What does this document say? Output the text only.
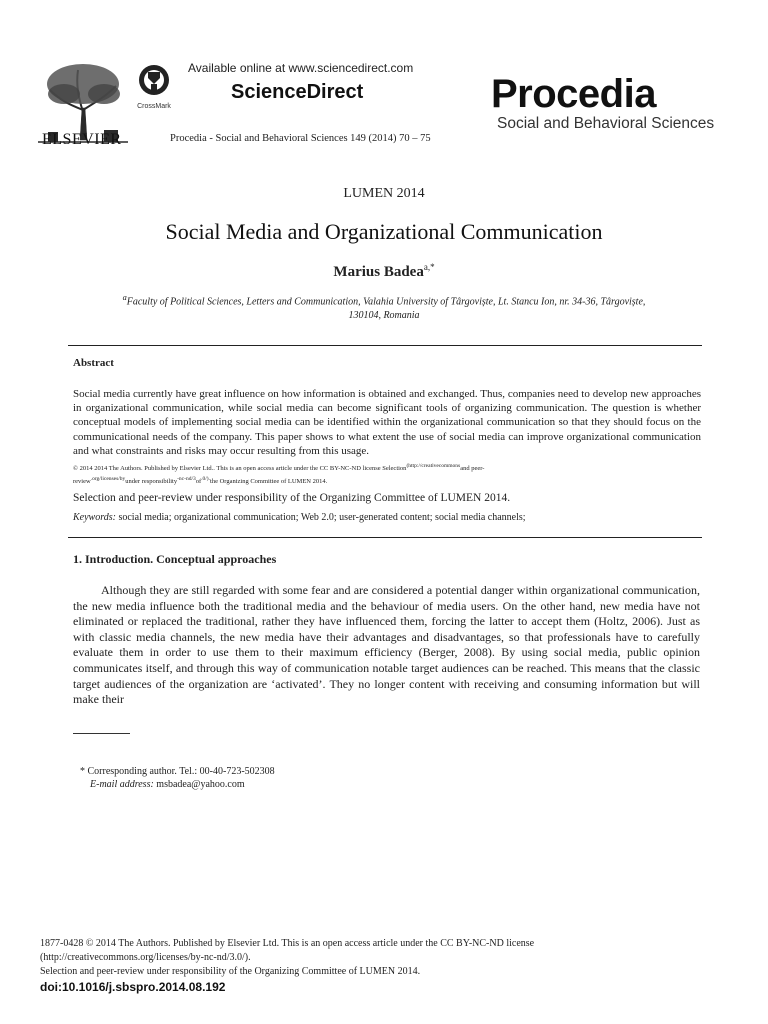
ELSEVIER
CrossMark
Available online at www.sciencedirect.com
ScienceDirect
Procedia - Social and Behavioral Sciences 149 (2014) 70 – 75
Procedia
Social and Behavioral Sciences
LUMEN 2014
Social Media and Organizational Communication
Marius Badea$^{a,*}$
$^a$Faculty of Political Sciences, Letters and Communication, Valahia University of Târgoviște, Lt. Stancu Ion, nr. 34-36, Târgoviște, 130104, Romania
Abstract
Social media currently have great influence on how information is obtained and exchanged. Thus, companies need to develop new approaches in organizational communication, while social media can become significant tools of organizing communication. The question is whether conceptual models of implementing social media can be identified within the organizational communication so that they should focus on the communicational needs of the company. This paper shows to what extent the use of social media can improve organizational communication and what constraints and risks may occur resulting from this usage.
© 2014 2014 The Authors. Published by Elsevier Ltd.. This is an open access article under the CC BY-NC-ND license Selection$^{(http://creativecommons}$and peer-
review$^{.org/licenses/by}$under $responsibility^{-nc-nd/3}of^{.0/).}the$ Organizing Committee of LUMEN 2014.
Selection and peer-review under responsibility of the Organizing Committee of LUMEN 2014.
Keywords: social media; organizational communication; Web 2.0; user-generated content; social media channels;
1. Introduction. Conceptual approaches
Although they are still regarded with some fear and are considered a potential danger within organizational communication, the new media influence both the traditional media and the behaviour of media users. On the other hand, new media have not eliminated or replaced the traditional, rather they have influenced them, forcing the latter to accept them (Holtz, 2006). Just as with classic media channels, the new media have their advantages and disadvantages, so that professionals have to carefully evaluate them in order to use them to their maximum efficiency (Berger, 2008). By using social media, public opinion communicates itself, and through this way of communication notable target audiences can be reached. This means that the classic target audiences of the organization are ‘activated’. They no longer content with receiving and consuming information but will make their
* Corresponding author. Tel.: 00-40-723-502308
E-mail address: msbadea@yahoo.com
1877-0428 © 2014 The Authors. Published by Elsevier Ltd. This is an open access article under the CC BY-NC-ND license
(http://creativecommons.org/licenses/by-nc-nd/3.0/).
Selection and peer-review under responsibility of the Organizing Committee of LUMEN 2014.
doi:10.1016/j.sbspro.2014.08.192
